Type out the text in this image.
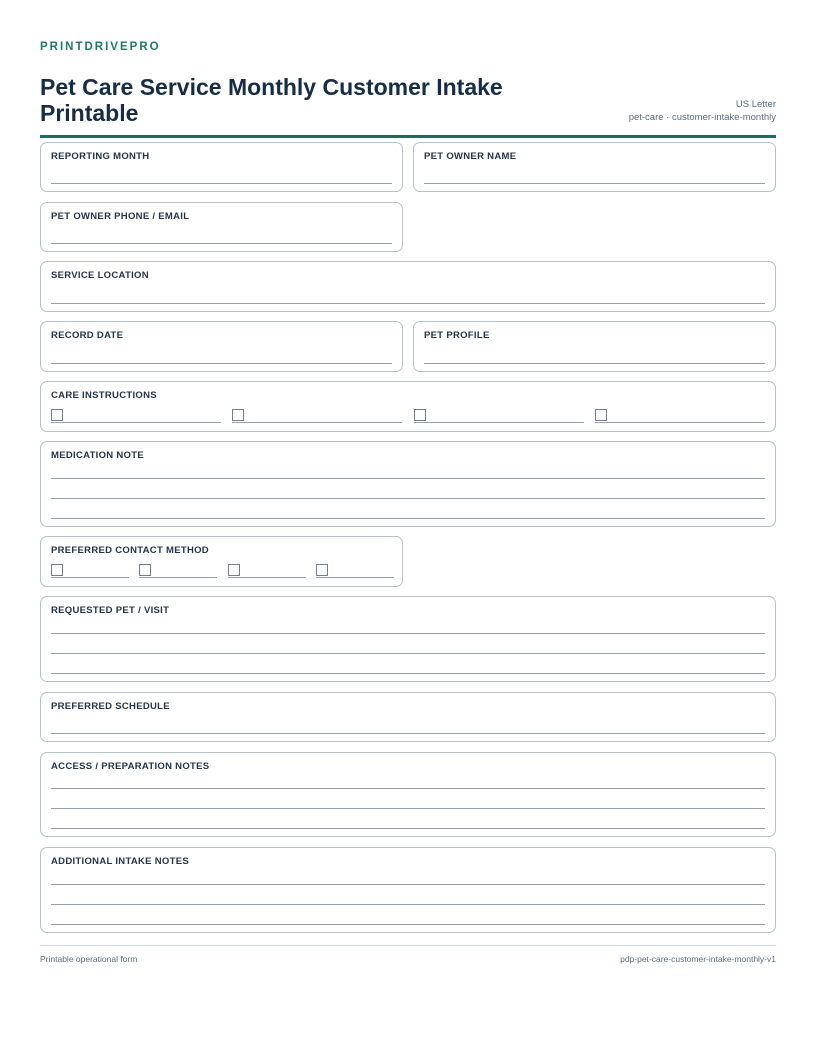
PRINTDRIVEPRO
Pet Care Service Monthly Customer Intake Printable	US Letter
pet-care · customer-intake-monthly
REPORTING MONTH	PET OWNER NAME
PET OWNER PHONE / EMAIL
SERVICE LOCATION
RECORD DATE	PET PROFILE
CARE INSTRUCTIONS
MEDICATION NOTE
PREFERRED CONTACT METHOD
REQUESTED PET / VISIT
PREFERRED SCHEDULE
ACCESS / PREPARATION NOTES
ADDITIONAL INTAKE NOTES
Printable operational form	pdp-pet-care-customer-intake-monthly-v1
